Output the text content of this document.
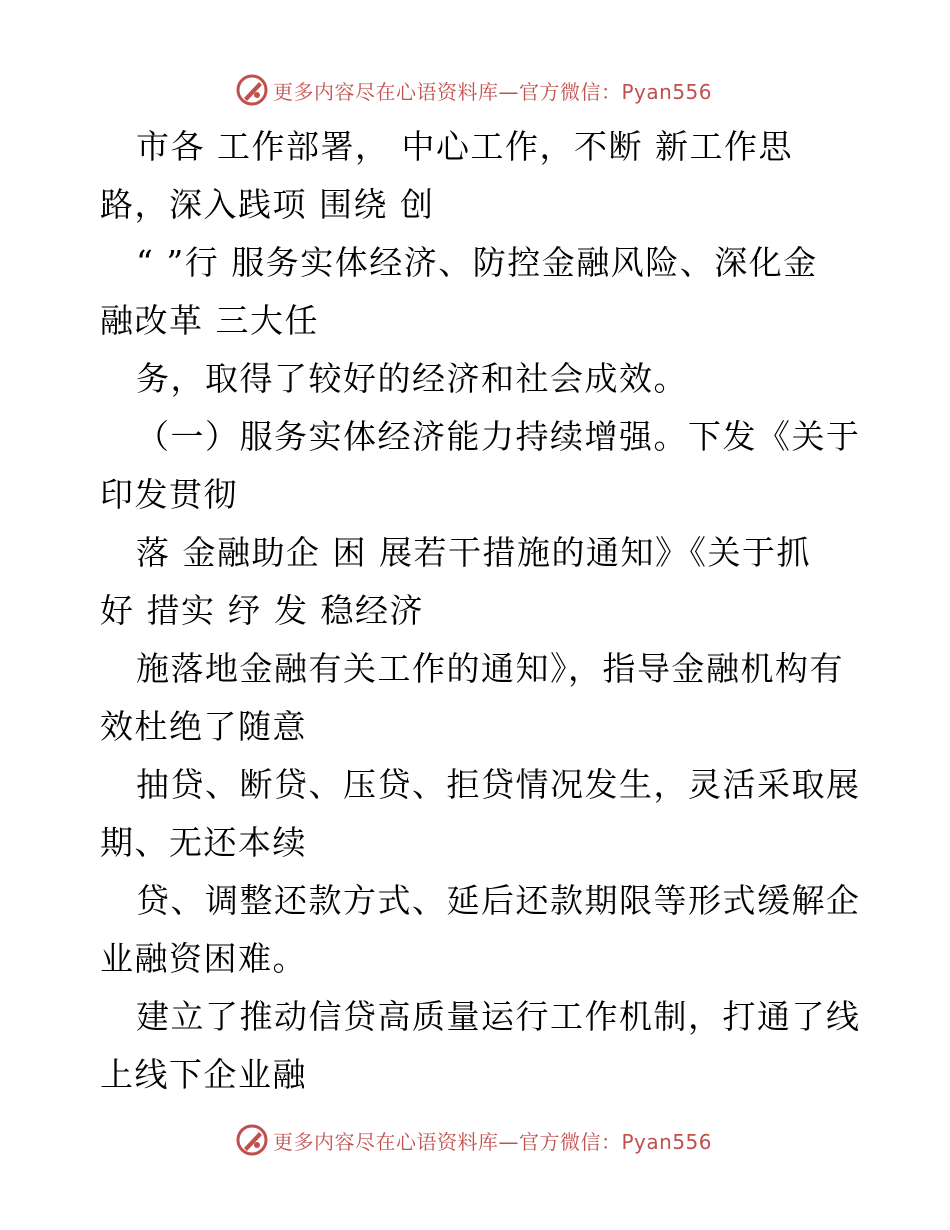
更多内容尽在心语资料库—官方微信：Pyan556
市各 工作部署， 中心工作，不断 新工作思
路，深入践项 围绕 创
“ ”行 服务实体经济、防控金融风险、深化金
融改革 三大任
务，取得了较好的经济和社会成效。
（一）服务实体经济能力持续增强。下发《关于
印发贯彻
落 金融助企 困 展若干措施的通知》《关于抓
好 措实 纾 发 稳经济
施落地金融有关工作的通知》，指导金融机构有
效杜绝了随意
抽贷、断贷、压贷、拒贷情况发生，灵活采取展
期、无还本续
贷、调整还款方式、延后还款期限等形式缓解企
业融资困难。
建立了推动信贷高质量运行工作机制，打通了线
上线下企业融
更多内容尽在心语资料库—官方微信：Pyan556
